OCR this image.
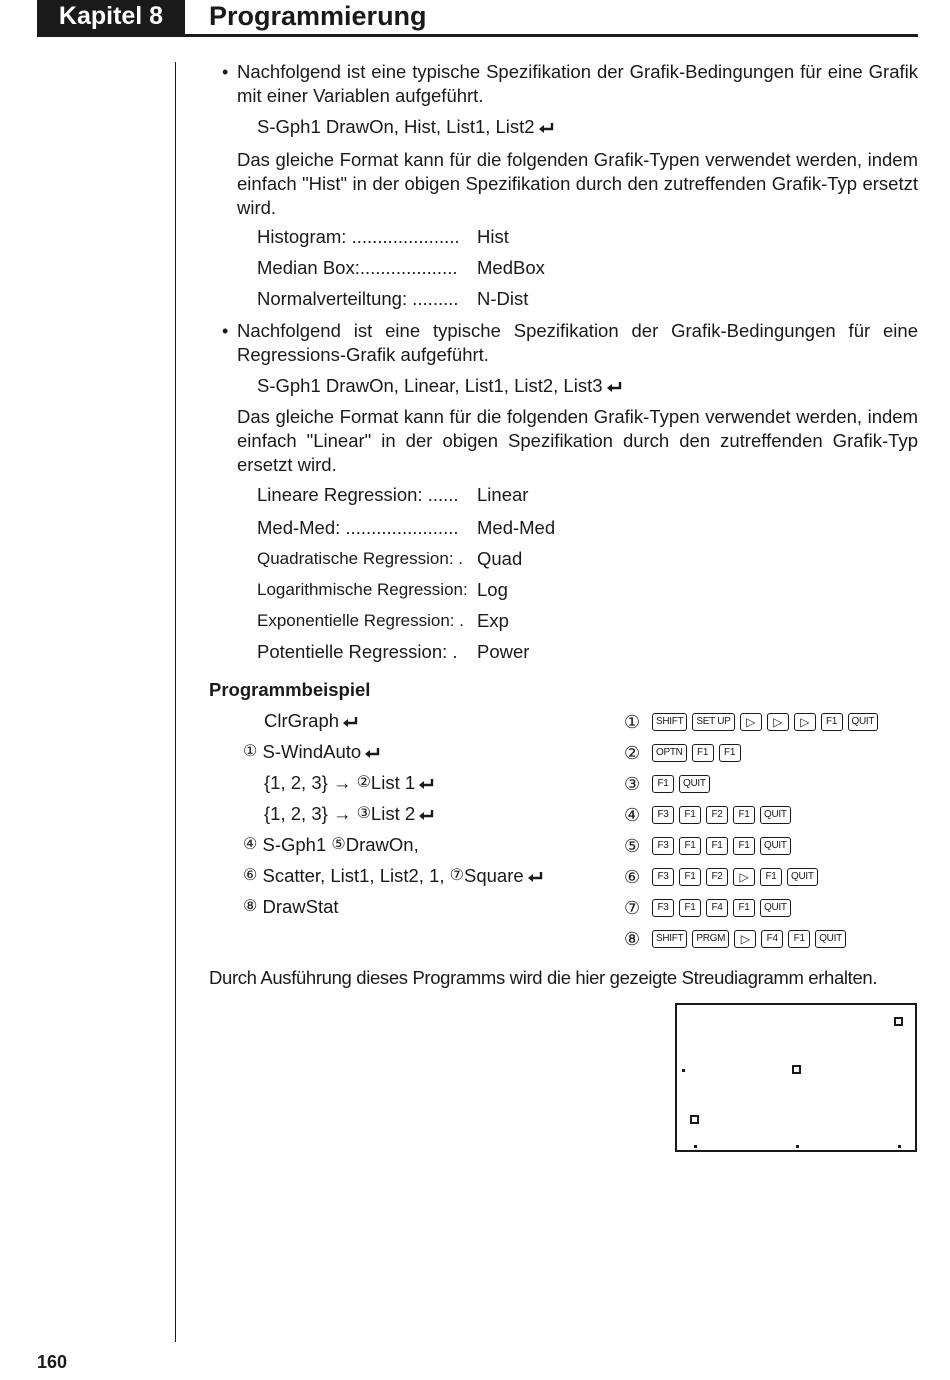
Kapitel 8	Programmierung
• Nachfolgend ist eine typische Spezifikation der Grafik-Bedingungen für eine Grafik mit einer Variablen aufgeführt.
S-Gph1 DrawOn, Hist, List1, List2
Das gleiche Format kann für die folgenden Grafik-Typen verwendet werden, indem einfach "Hist" in der obigen Spezifikation durch den zutreffenden Grafik-Typ ersetzt wird.
Histogram: ..................... Hist
Median Box:................... MedBox
Normalverteiltung: ......... N-Dist
• Nachfolgend ist eine typische Spezifikation der Grafik-Bedingungen für eine Regressions-Grafik aufgeführt.
S-Gph1 DrawOn, Linear, List1, List2, List3
Das gleiche Format kann für die folgenden Grafik-Typen verwendet werden, indem einfach "Linear" in der obigen Spezifikation durch den zutreffenden Grafik-Typ ersetzt wird.
Lineare Regression: ...... Linear
Med-Med: ...................... Med-Med
Quadratische Regression: . Quad
Logarithmische Regression: Log
Exponentielle Regression: . Exp
Potentielle Regression: . Power
Programmbeispiel
ClrGraph
① S-WindAuto
{1, 2, 3} → ②List 1
{1, 2, 3} → ③List 2
④ S-Gph1 ⑤DrawOn,
⑥ Scatter, List1, List2, 1, ⑦Square
⑧ DrawStat
① SHIFT SET UP ▷ ▷ ▷ F1 QUIT
② OPTN F1 F1
③ F1 QUIT
④ F3 F1 F2 F1 QUIT
⑤ F3 F1 F1 F1 QUIT
⑥ F3 F1 F2 ▷ F1 QUIT
⑦ F3 F1 F4 F1 QUIT
⑧ SHIFT PRGM ▷ F4 F1 QUIT
Durch Ausführung dieses Programms wird die hier gezeigte Streudiagramm erhalten.
160
